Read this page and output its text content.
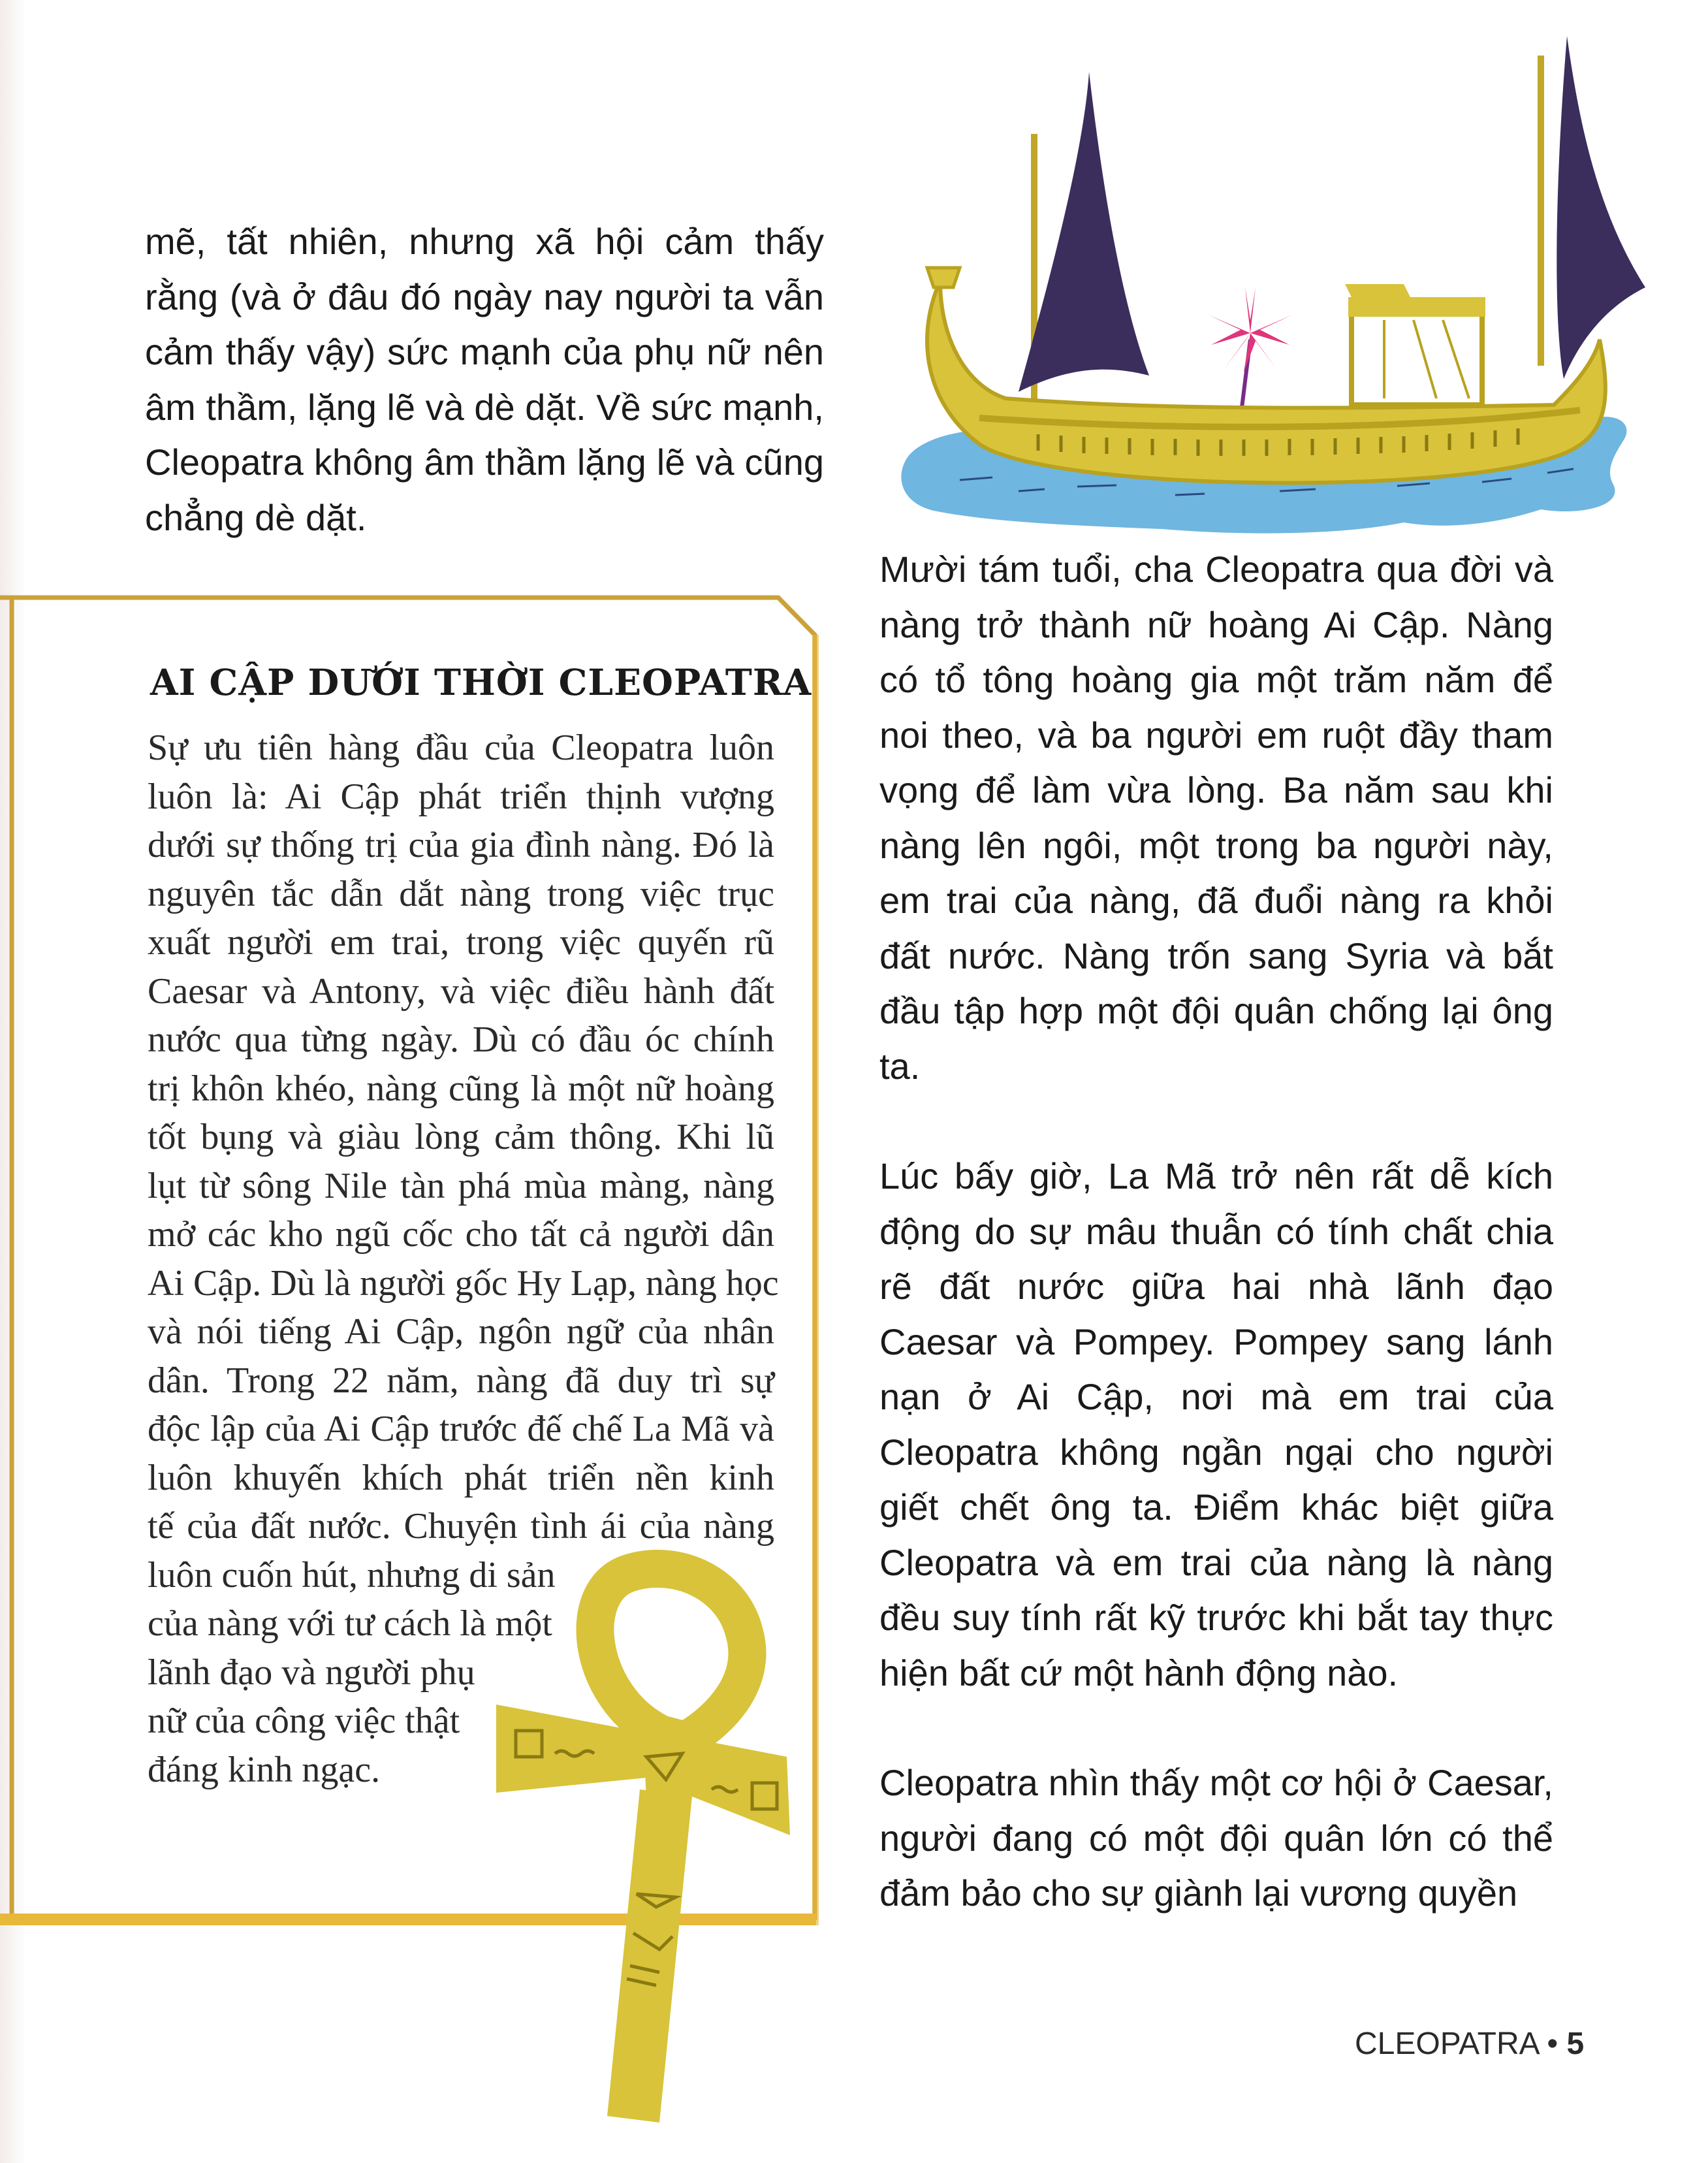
mẽ, tất nhiên, nhưng xã hội cảm thấy rằng (và ở đâu đó ngày nay người ta vẫn cảm thấy vậy) sức mạnh của phụ nữ nên âm thầm, lặng lẽ và dè dặt. Về sức mạnh, Cleopatra không âm thầm lặng lẽ và cũng chẳng dè dặt.

AI CẬP DƯỚI THỜI CLEOPATRA
Sự ưu tiên hàng đầu của Cleopatra luôn
luôn là: Ai Cập phát triển thịnh vượng
dưới sự thống trị của gia đình nàng. Đó là
nguyên tắc dẫn dắt nàng trong việc trục
xuất người em trai, trong việc quyến rũ
Caesar và Antony, và việc điều hành đất
nước qua từng ngày. Dù có đầu óc chính
trị khôn khéo, nàng cũng là một nữ hoàng
tốt bụng và giàu lòng cảm thông. Khi lũ
lụt từ sông Nile tàn phá mùa màng, nàng
mở các kho ngũ cốc cho tất cả người dân
Ai Cập. Dù là người gốc Hy Lạp, nàng học
và nói tiếng Ai Cập, ngôn ngữ của nhân
dân. Trong 22 năm, nàng đã duy trì sự
độc lập của Ai Cập trước đế chế La Mã và
luôn khuyến khích phát triển nền kinh
tế của đất nước. Chuyện tình ái của nàng
luôn cuốn hút, nhưng di sản
của nàng với tư cách là một
lãnh đạo và người phụ
nữ của công việc thật
đáng kinh ngạc.

Mười tám tuổi, cha Cleopatra qua đời và nàng trở thành nữ hoàng Ai Cập. Nàng có tổ tông hoàng gia một trăm năm để noi theo, và ba người em ruột đầy tham vọng để làm vừa lòng. Ba năm sau khi nàng lên ngôi, một trong ba người này, em trai của nàng, đã đuổi nàng ra khỏi đất nước. Nàng trốn sang Syria và bắt đầu tập hợp một đội quân chống lại ông ta.

Lúc bấy giờ, La Mã trở nên rất dễ kích động do sự mâu thuẫn có tính chất chia rẽ đất nước giữa hai nhà lãnh đạo Caesar và Pompey. Pompey sang lánh nạn ở Ai Cập, nơi mà em trai của Cleopatra không ngần ngại cho người giết chết ông ta. Điểm khác biệt giữa Cleopatra và em trai của nàng là nàng đều suy tính rất kỹ trước khi bắt tay thực hiện bất cứ một hành động nào.

Cleopatra nhìn thấy một cơ hội ở Caesar, người đang có một đội quân lớn có thể đảm bảo cho sự giành lại vương quyền

CLEOPATRA • 5
